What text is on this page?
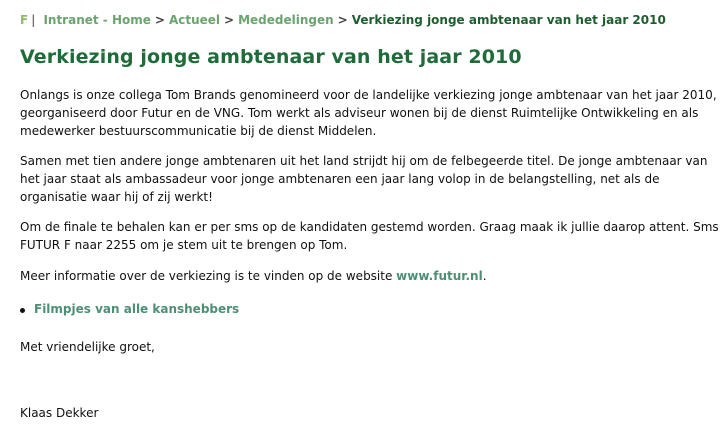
F | Intranet - Home > Actueel > Mededelingen > Verkiezing jonge ambtenaar van het jaar 2010
Verkiezing jonge ambtenaar van het jaar 2010

Onlangs is onze collega Tom Brands genomineerd voor de landelijke verkiezing jonge ambtenaar van het jaar 2010, georganiseerd door Futur en de VNG. Tom werkt als adviseur wonen bij de dienst Ruimtelijke Ontwikkeling en als medewerker bestuurscommunicatie bij de dienst Middelen.

Samen met tien andere jonge ambtenaren uit het land strijdt hij om de felbegeerde titel. De jonge ambtenaar van het jaar staat als ambassadeur voor jonge ambtenaren een jaar lang volop in de belangstelling, net als de organisatie waar hij of zij werkt!

Om de finale te behalen kan er per sms op de kandidaten gestemd worden. Graag maak ik jullie daarop attent. Sms FUTUR F naar 2255 om je stem uit te brengen op Tom.

Meer informatie over de verkiezing is te vinden op de website www.futur.nl.

Filmpjes van alle kanshebbers

Met vriendelijke groet,

Klaas Dekker
